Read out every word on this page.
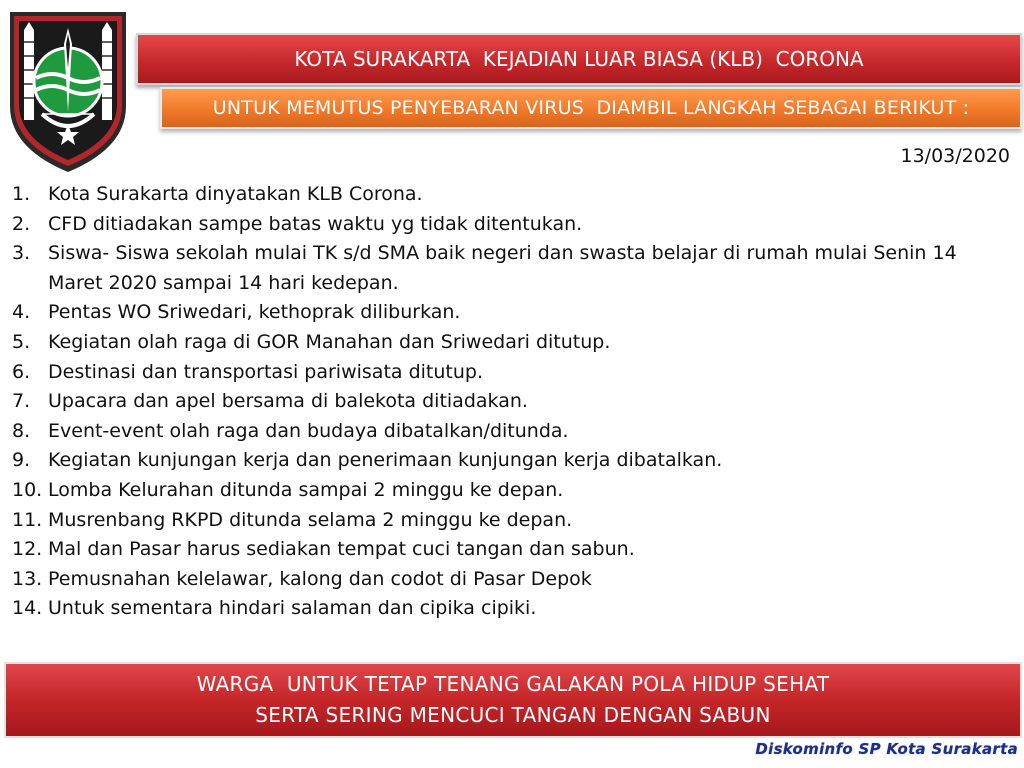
KOTA SURAKARTA  KEJADIAN LUAR BIASA (KLB)  CORONA
UNTUK MEMUTUS PENYEBARAN VIRUS  DIAMBIL LANGKAH SEBAGAI BERIKUT :
13/03/2020
1. Kota Surakarta dinyatakan KLB Corona.
2. CFD ditiadakan sampe batas waktu yg tidak ditentukan.
3. Siswa- Siswa sekolah mulai TK s/d SMA baik negeri dan swasta belajar di rumah mulai Senin 14 Maret 2020 sampai 14 hari kedepan.
4. Pentas WO Sriwedari, kethoprak diliburkan.
5. Kegiatan olah raga di GOR Manahan dan Sriwedari ditutup.
6. Destinasi dan transportasi pariwisata ditutup.
7. Upacara dan apel bersama di balekota ditiadakan.
8. Event-event olah raga dan budaya dibatalkan/ditunda.
9. Kegiatan kunjungan kerja dan penerimaan kunjungan kerja dibatalkan.
10. Lomba Kelurahan ditunda sampai 2 minggu ke depan.
11. Musrenbang RKPD ditunda selama 2 minggu ke depan.
12. Mal dan Pasar harus sediakan tempat cuci tangan dan sabun.
13. Pemusnahan kelelawar, kalong dan codot di Pasar Depok
14. Untuk sementara hindari salaman dan cipika cipiki.
WARGA  UNTUK TETAP TENANG GALAKAN POLA HIDUP SEHAT
SERTA SERING MENCUCI TANGAN DENGAN SABUN
Diskominfo SP Kota Surakarta
